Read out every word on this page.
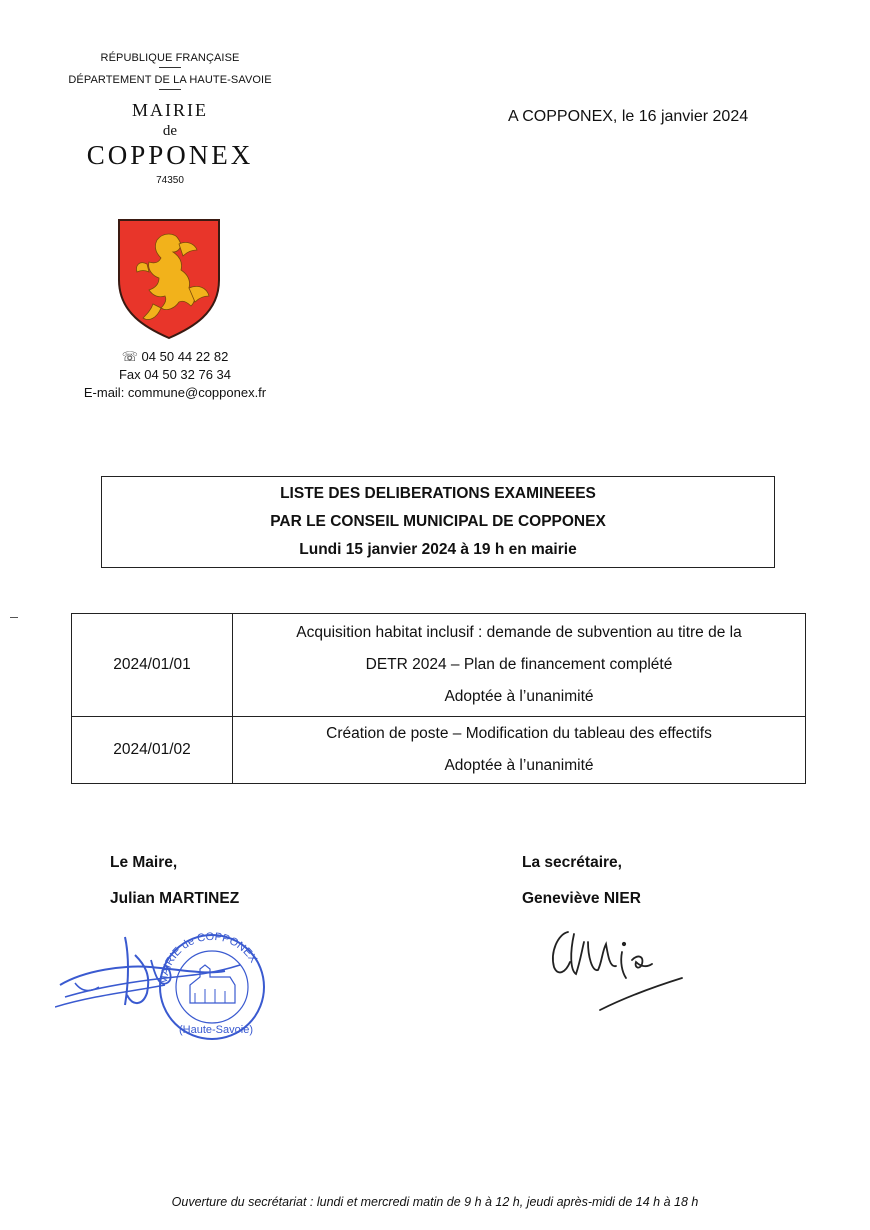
RÉPUBLIQUE FRANÇAISE
DÉPARTEMENT DE LA HAUTE-SAVOIE
MAIRIE
de
COPPONEX
74350
☏ 04 50 44 22 82
Fax 04 50 32 76 34
E-mail: commune@copponex.fr
A COPPONEX, le 16 janvier 2024
LISTE DES DELIBERATIONS EXAMINEEES
PAR LE CONSEIL MUNICIPAL DE COPPONEX
Lundi 15 janvier 2024 à 19 h en mairie
2024/01/01	Acquisition habitat inclusif : demande de subvention au titre de la
DETR 2024 – Plan de financement complété
Adoptée à l’unanimité

2024/01/02	Création de poste – Modification du tableau des effectifs
Adoptée à l’unanimité
Le Maire,
Julian MARTINEZ
La secrétaire,
Geneviève NIER
MAIRIE de COPPONEX
(Haute-Savoie)
Ouverture du secrétariat : lundi et mercredi matin de 9 h à 12 h, jeudi après-midi de 14 h à 18 h
